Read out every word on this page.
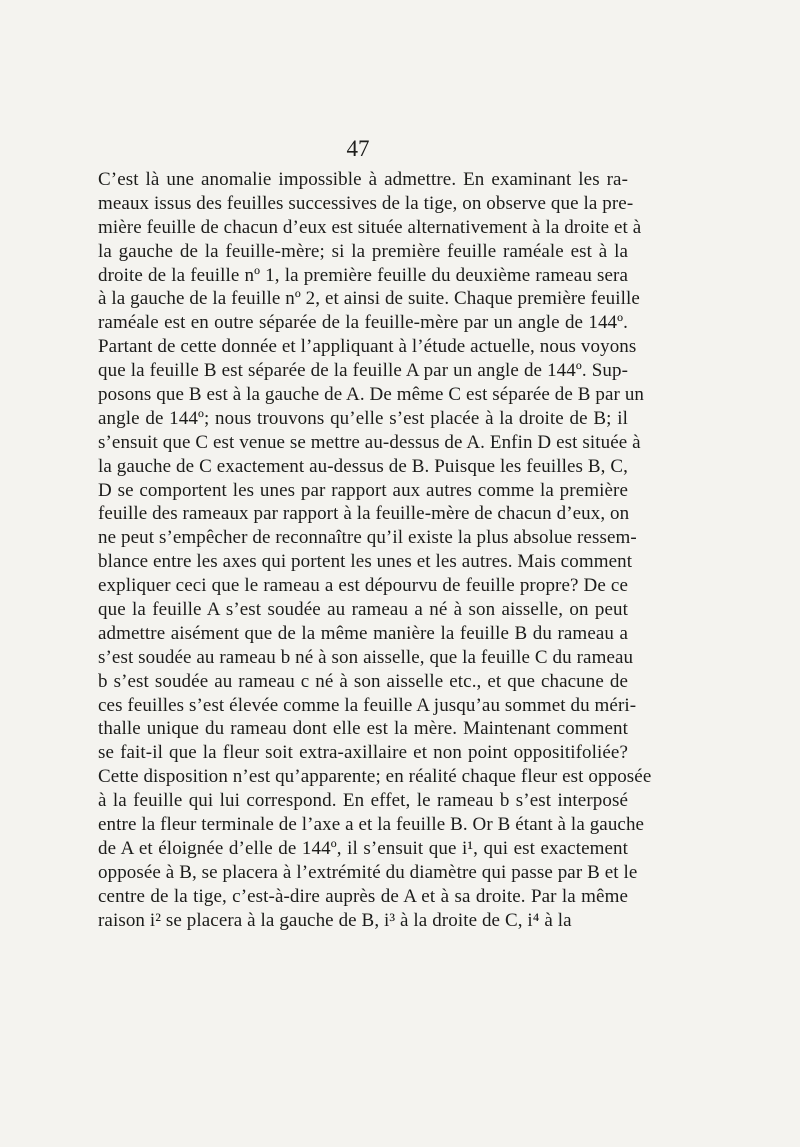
47
C’est là une anomalie impossible à admettre. En examinant les ra-
meaux issus des feuilles successives de la tige, on observe que la pre-
mière feuille de chacun d’eux est située alternativement à la droite et à
la gauche de la feuille-mère; si la première feuille raméale est à la
droite de la feuille nº 1, la première feuille du deuxième rameau sera
à la gauche de la feuille nº 2, et ainsi de suite. Chaque première feuille
raméale est en outre séparée de la feuille-mère par un angle de 144º.
Partant de cette donnée et l’appliquant à l’étude actuelle, nous voyons
que la feuille B est séparée de la feuille A par un angle de 144º. Sup-
posons que B est à la gauche de A. De même C est séparée de B par un
angle de 144º; nous trouvons qu’elle s’est placée à la droite de B; il
s’ensuit que C est venue se mettre au-dessus de A. Enfin D est située à
la gauche de C exactement au-dessus de B. Puisque les feuilles B, C,
D se comportent les unes par rapport aux autres comme la première
feuille des rameaux par rapport à la feuille-mère de chacun d’eux, on
ne peut s’empêcher de reconnaître qu’il existe la plus absolue ressem-
blance entre les axes qui portent les unes et les autres. Mais comment
expliquer ceci que le rameau a est dépourvu de feuille propre? De ce
que la feuille A s’est soudée au rameau a né à son aisselle, on peut
admettre aisément que de la même manière la feuille B du rameau a
s’est soudée au rameau b né à son aisselle, que la feuille C du rameau
b s’est soudée au rameau c né à son aisselle etc., et que chacune de
ces feuilles s’est élevée comme la feuille A jusqu’au sommet du méri-
thalle unique du rameau dont elle est la mère. Maintenant comment
se fait-il que la fleur soit extra-axillaire et non point oppositifoliée?
Cette disposition n’est qu’apparente; en réalité chaque fleur est opposée
à la feuille qui lui correspond. En effet, le rameau b s’est interposé
entre la fleur terminale de l’axe a et la feuille B. Or B étant à la gauche
de A et éloignée d’elle de 144º, il s’ensuit que i¹, qui est exactement
opposée à B, se placera à l’extrémité du diamètre qui passe par B et le
centre de la tige, c’est-à-dire auprès de A et à sa droite. Par la même
raison i² se placera à la gauche de B, i³ à la droite de C, i⁴ à la
